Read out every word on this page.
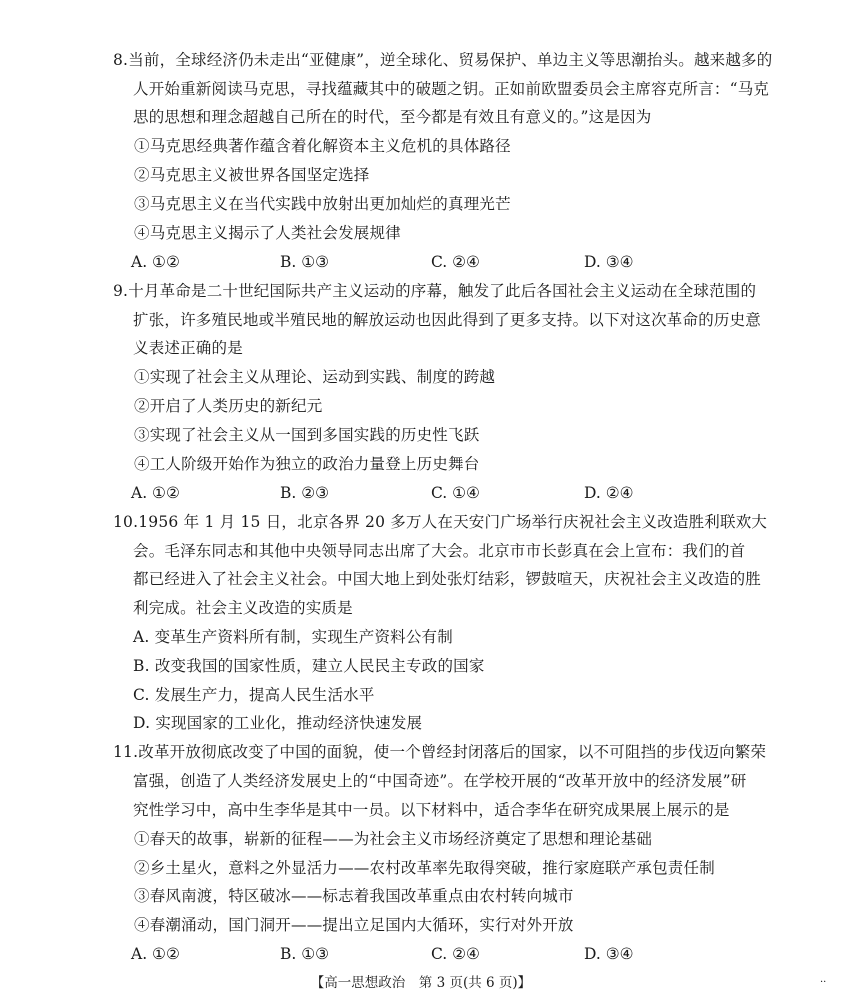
8.当前，全球经济仍未走出“亚健康”，逆全球化、贸易保护、单边主义等思潮抬头。越来越多的
人开始重新阅读马克思，寻找蕴藏其中的破题之钥。正如前欧盟委员会主席容克所言：“马克
思的思想和理念超越自己所在的时代，至今都是有效且有意义的。”这是因为
①马克思经典著作蕴含着化解资本主义危机的具体路径
②马克思主义被世界各国坚定选择
③马克思主义在当代实践中放射出更加灿烂的真理光芒
④马克思主义揭示了人类社会发展规律
A. ①②	B. ①③	C. ②④	D. ③④
9.十月革命是二十世纪国际共产主义运动的序幕，触发了此后各国社会主义运动在全球范围的
扩张，许多殖民地或半殖民地的解放运动也因此得到了更多支持。以下对这次革命的历史意
义表述正确的是
①实现了社会主义从理论、运动到实践、制度的跨越
②开启了人类历史的新纪元
③实现了社会主义从一国到多国实践的历史性飞跃
④工人阶级开始作为独立的政治力量登上历史舞台
A. ①②	B. ②③	C. ①④	D. ②④
10.1956 年 1 月 15 日，北京各界 20 多万人在天安门广场举行庆祝社会主义改造胜利联欢大
会。毛泽东同志和其他中央领导同志出席了大会。北京市市长彭真在会上宣布：我们的首
都已经进入了社会主义社会。中国大地上到处张灯结彩，锣鼓喧天，庆祝社会主义改造的胜
利完成。社会主义改造的实质是
A. 变革生产资料所有制，实现生产资料公有制
B. 改变我国的国家性质，建立人民民主专政的国家
C. 发展生产力，提高人民生活水平
D. 实现国家的工业化，推动经济快速发展
11.改革开放彻底改变了中国的面貌，使一个曾经封闭落后的国家，以不可阻挡的步伐迈向繁荣
富强，创造了人类经济发展史上的“中国奇迹”。在学校开展的“改革开放中的经济发展”研
究性学习中，高中生李华是其中一员。以下材料中，适合李华在研究成果展上展示的是
①春天的故事，崭新的征程——为社会主义市场经济奠定了思想和理论基础
②乡土星火，意料之外显活力——农村改革率先取得突破，推行家庭联产承包责任制
③春风南渡，特区破冰——标志着我国改革重点由农村转向城市
④春潮涌动，国门洞开——提出立足国内大循环，实行对外开放
A. ①②	B. ①③	C. ②④	D. ③④
【高一思想政治　第 3 页(共 6 页)】	··
